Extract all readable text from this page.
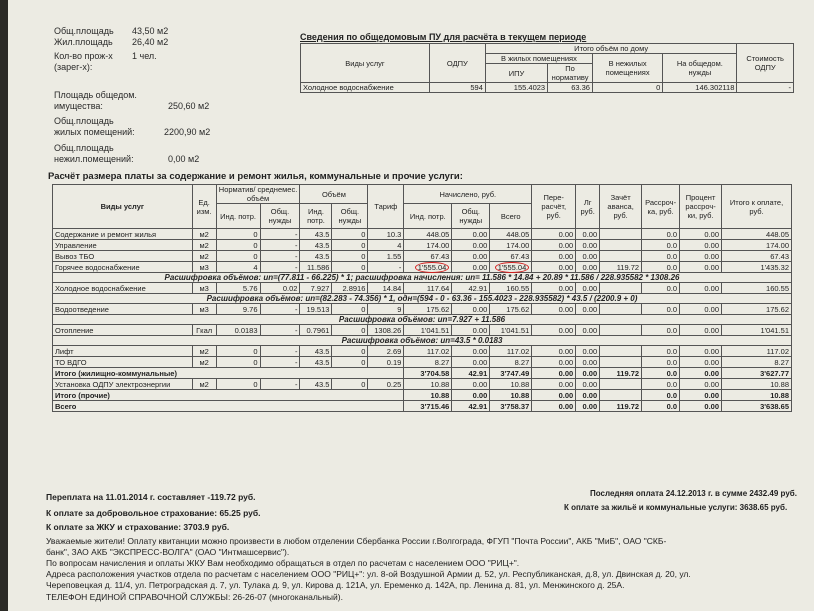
Общ.площадь 43,50 м2
Жил.площадь 26,40 м2
Кол-во прож-х 1 чел.
(зарег-х):
Площадь общедом.
имущества:	250,60 м2
Общ.площадь
жилых помещений:	2200,90 м2
Общ.площадь
нежил.помещений:	0,00 м2
Сведения по общедомовым ПУ для расчёта в текущем периоде
Виды услуг	ОДПУ	Итого объём по дому				Стоимость ОДПУ
		В жилых помещениях		В нежилых помещениях	На общедом. нужды	
		ИПУ	По нормативу			
Холодное водоснабжение	594	155.4023	63.36	0	146.302118	-
Расчёт размера платы за содержание и ремонт жилья, коммунальные и прочие услуги:
Виды услуг	Ед. изм.	Норматив/ среднемес. объём		Объём		Тариф	Начислено, руб.			Пере- расчёт, руб.	Лг руб.	Зачёт аванса, руб.	Рассроч- ка, руб.	Процент рассроч- ки, руб.	Итого к оплате, руб.
		Инд. потр.	Общ. нужды	Инд. потр.	Общ. нужды		Инд. потр.	Общ. нужды	Всего						
Содержание и ремонт жилья	м2	0	-	43.5	0	10.3	448.05	0.00	448.05	0.00	0.00		0.0	0.00	448.05
Управление	м2	0	-	43.5	0	4	174.00	0.00	174.00	0.00	0.00		0.0	0.00	174.00
Вывоз ТБО	м2	0	-	43.5	0	1.55	67.43	0.00	67.43	0.00	0.00		0.0	0.00	67.43
Горячее водоснабжение	м3	4	-	11.586	0	-	1'555.04	0.00	1'555.04	0.00	0.00	119.72	0.0	0.00	1'435.32
Расшифровка объёмов: un=(77.811 - 66.225) * 1; расшифровка начисления: un= 11.586 * 14.84 + 20.89 * 11.586 / 228.935582 * 1308.26															
Холодное водоснабжение	м3	5.76	0.02	7.927	2.8916	14.84	117.64	42.91	160.55	0.00	0.00		0.0	0.00	160.55
Расшифровка объёмов: un=(82.283 - 74.356) * 1, одн=(594 - 0 - 63.36 - 155.4023 - 228.935582) * 43.5 / (2200.9 + 0)															
Водоотведение	м3	9.76	-	19.513	0	9	175.62	0.00	175.62	0.00	0.00		0.0	0.00	175.62
Расшифровка объёмов: un=7.927 + 11.586															
Отопление	Гкал	0.0183	-	0.7961	0	1308.26	1'041.51	0.00	1'041.51	0.00	0.00		0.0	0.00	1'041.51
Расшифровка объёмов: un=43.5 * 0.0183															
Лифт	м2	0	-	43.5	0	2.69	117.02	0.00	117.02	0.00	0.00		0.0	0.00	117.02
ТО ВДГО	м2	0	-	43.5	0	0.19	8.27	0.00	8.27	0.00	0.00		0.0	0.00	8.27
Итого (жилищно-коммунальные)							3'704.58	42.91	3'747.49	0.00	0.00	119.72	0.0	0.00	3'627.77
Установка ОДПУ электроэнергии	м2	0	-	43.5	0	0.25	10.88	0.00	10.88	0.00	0.00		0.0	0.00	10.88
Итого (прочие)							10.88	0.00	10.88	0.00	0.00		0.0	0.00	10.88
Всего							3'715.46	42.91	3'758.37	0.00	0.00	119.72	0.0	0.00	3'638.65
Переплата на 11.01.2014 г. составляет -119.72 руб.	Последняя оплата 24.12.2013 г. в сумме 2432.49 руб.
К оплате за добровольное страхование: 65.25 руб.
К оплате за жильё и коммунальные услуги: 3638.65 руб.
К оплате за ЖКУ и страхование: 3703.9 руб.
Уважаемые жители! Оплату квитанции можно произвести в любом отделении Сбербанка России г.Волгограда, ФГУП "Почта России", АКБ "МиБ", ОАО "СКБ-
банк", ЗАО АКБ "ЭКСПРЕСС-ВОЛГА" (ОАО "Интмашсервис").
По вопросам начисления и оплаты ЖКУ Вам необходимо обращаться в отдел по расчетам с населением ООО "РИЦ+".
Адреса расположения участков отдела по расчетам с населением ООО "РИЦ+": ул. 8-ой Воздушной Армии д. 52, ул. Республиканская, д.8, ул. Двинская д. 20, ул.
Череповецкая д. 11/4, ул. Петроградская д. 7, ул. Тулака д. 9, ул. Кирова д. 121А, ул. Еременко д. 142А, пр. Ленина д. 81, ул. Менжинского д. 25А.
ТЕЛЕФОН ЕДИНОЙ СПРАВОЧНОЙ СЛУЖБЫ: 26-26-07 (многоканальный).
